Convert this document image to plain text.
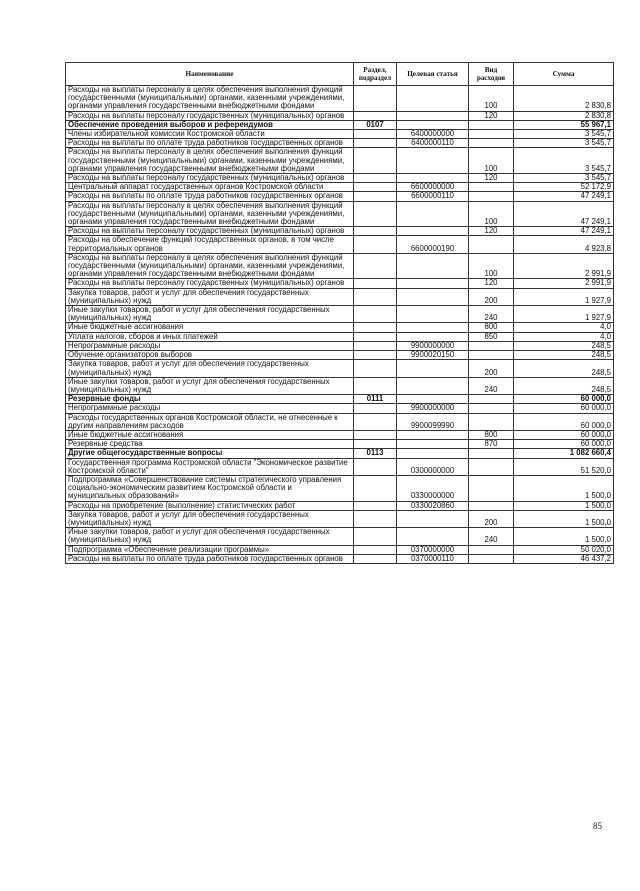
Наименование	Раздел, подраздел	Целевая статья	Вид расходов	Сумма
Расходы на выплаты персоналу в целях обеспечения выполнения функций государственными (муниципальными) органами, казенными учреждениями, органами управления государственными внебюджетными фондами			100	2 830,8
Расходы на выплаты персоналу государственных (муниципальных) органов			120	2 830,8
Обеспечение проведения выборов и референдумов	0107			55 967,1
Члены избирательной комиссии Костромской области		6400000000		3 545,7
Расходы на выплаты по оплате труда работников государственных органов		6400000110		3 545,7
Расходы на выплаты персоналу в целях обеспечения выполнения функций государственными (муниципальными) органами, казенными учреждениями, органами управления государственными внебюджетными фондами			100	3 545,7
Расходы на выплаты персоналу государственных (муниципальных) органов			120	3 545,7
Центральный аппарат государственных органов Костромской области		6600000000		52 172,9
Расходы на выплаты по оплате труда работников государственных органов		6600000110		47 249,1
Расходы на выплаты персоналу в целях обеспечения выполнения функций государственными (муниципальными) органами, казенными учреждениями, органами управления государственными внебюджетными фондами			100	47 249,1
Расходы на выплаты персоналу государственных (муниципальных) органов			120	47 249,1
Расходы на обеспечение функций государственных органов, в том числе территориальных органов		6600000190		4 923,8
Расходы на выплаты персоналу в целях обеспечения выполнения функций государственными (муниципальными) органами, казенными учреждениями, органами управления государственными внебюджетными фондами			100	2 991,9
Расходы на выплаты персоналу государственных (муниципальных) органов			120	2 991,9
Закупка товаров, работ и услуг для обеспечения государственных (муниципальных) нужд			200	1 927,9
Иные закупки товаров, работ и услуг для обеспечения государственных (муниципальных) нужд			240	1 927,9
Иные бюджетные ассигнования			800	4,0
Уплата налогов, сборов и иных платежей			850	4,0
Непрограммные расходы		9900000000		248,5
Обучение организаторов выборов		9900020150		248,5
Закупка товаров, работ и услуг для обеспечения государственных (муниципальных) нужд			200	248,5
Иные закупки товаров, работ и услуг для обеспечения государственных (муниципальных) нужд			240	248,5
Резервные фонды	0111			60 000,0
Непрограммные расходы		9900000000		60 000,0
Расходы государственных органов Костромской области, не отнесенные к другим направлениям расходов		9900099990		60 000,0
Иные бюджетные ассигнования			800	60 000,0
Резервные средства			870	60 000,0
Другие общегосударственные вопросы	0113			1 082 660,4
Государственная программа Костромской области "Экономическое развитие Костромской области"		0300000000		51 520,0
Подпрограмма «Совершенствование системы стратегического управления социально-экономическим развитием Костромской области и муниципальных образований»		0330000000		1 500,0
Расходы на приобретение (выполнение) статистических работ		0330020860		1 500,0
Закупка товаров, работ и услуг для обеспечения государственных (муниципальных) нужд			200	1 500,0
Иные закупки товаров, работ и услуг для обеспечения государственных (муниципальных) нужд			240	1 500,0
Подпрограмма «Обеспечение реализации программы»		0370000000		50 020,0
Расходы на выплаты по оплате труда работников государственных органов		0370000110		46 437,2
85
